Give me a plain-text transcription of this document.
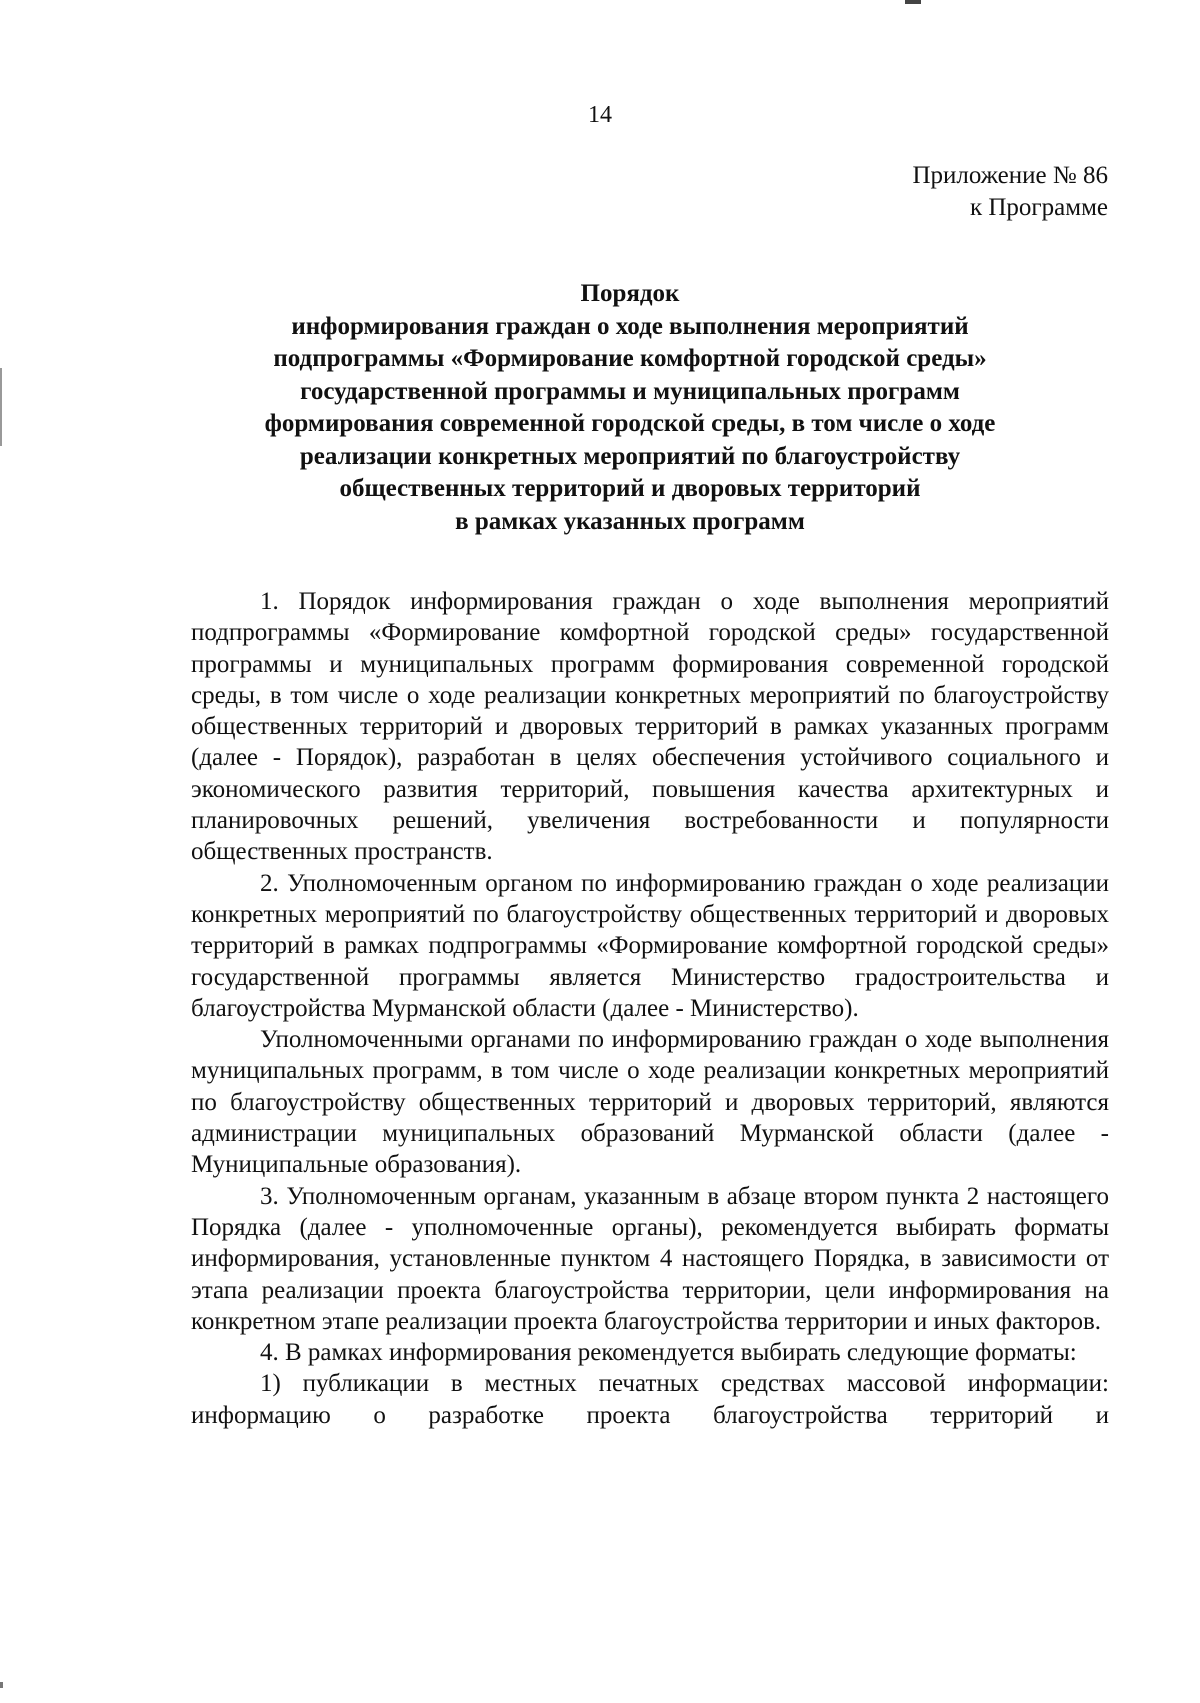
14
Приложение № 86
к Программе
Порядок
информирования граждан о ходе выполнения мероприятий
подпрограммы «Формирование комфортной городской среды»
государственной программы и муниципальных программ
формирования современной городской среды, в том числе о ходе
реализации конкретных мероприятий по благоустройству
общественных территорий и дворовых территорий
в рамках указанных программ

1. Порядок информирования граждан о ходе выполнения мероприятий подпрограммы «Формирование комфортной городской среды» государственной программы и муниципальных программ формирования современной городской среды, в том числе о ходе реализации конкретных мероприятий по благоустройству общественных территорий и дворовых территорий в рамках указанных программ (далее - Порядок), разработан в целях обеспечения устойчивого социального и экономического развития территорий, повышения качества архитектурных и планировочных решений, увеличения востребованности и популярности общественных пространств.

2. Уполномоченным органом по информированию граждан о ходе реализации конкретных мероприятий по благоустройству общественных территорий и дворовых территорий в рамках подпрограммы «Формирование комфортной городской среды» государственной программы является Министерство градостроительства и благоустройства Мурманской области (далее - Министерство).

Уполномоченными органами по информированию граждан о ходе выполнения муниципальных программ, в том числе о ходе реализации конкретных мероприятий по благоустройству общественных территорий и дворовых территорий, являются администрации муниципальных образований Мурманской области (далее - Муниципальные образования).

3. Уполномоченным органам, указанным в абзаце втором пункта 2 настоящего Порядка (далее - уполномоченные органы), рекомендуется выбирать форматы информирования, установленные пунктом 4 настоящего Порядка, в зависимости от этапа реализации проекта благоустройства территории, цели информирования на конкретном этапе реализации проекта благоустройства территории и иных факторов.

4. В рамках информирования рекомендуется выбирать следующие форматы:

1) публикации в местных печатных средствах массовой информации: информацию о разработке проекта благоустройства территорий и
